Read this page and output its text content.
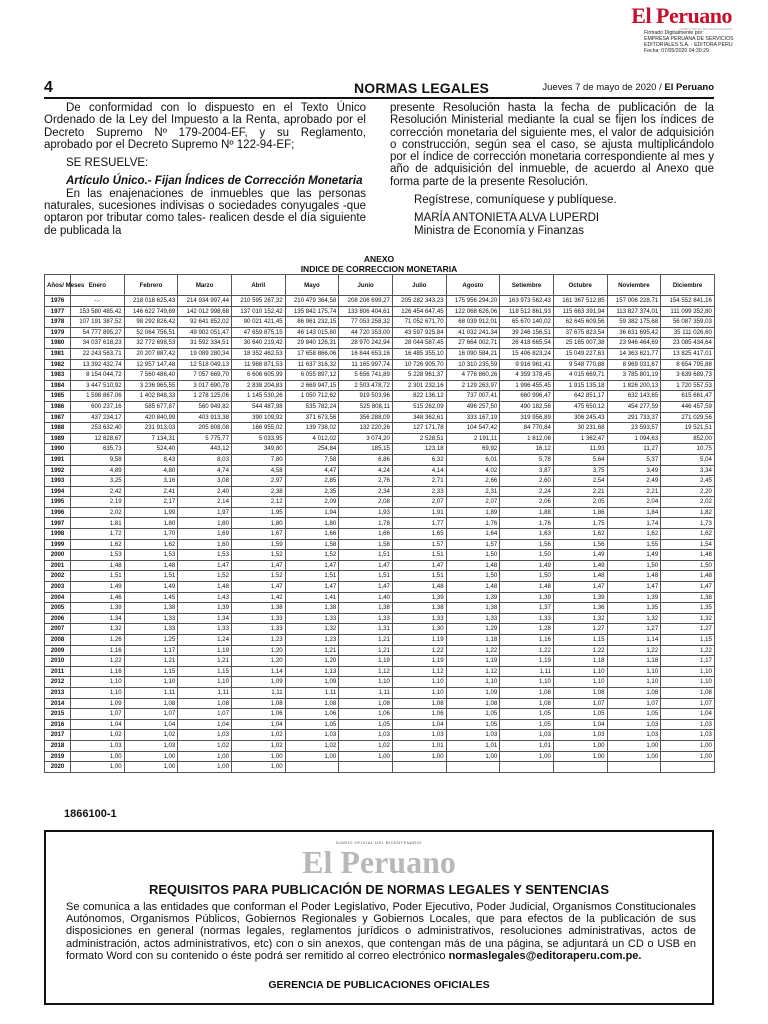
El Peruano
DIARIO OFICIAL DEL BICENTENARIO
Firmado Digitalmente por:
EMPRESA PERUANA DE SERVICIOS
EDITORIALES S.A. - EDITORA PERU
Fecha: 07/05/2020 04:30:29
4	NORMAS LEGALES	Jueves 7 de mayo de 2020 / El Peruano

De conformidad con lo dispuesto en el Texto Único Ordenado de la Ley del Impuesto a la Renta, aprobado por el Decreto Supremo Nº 179-2004-EF, y su Reglamento, aprobado por el Decreto Supremo Nº 122-94-EF;

SE RESUELVE:

Artículo Único.- Fijan Índices de Corrección Monetaria

En las enajenaciones de inmuebles que las personas naturales, sucesiones indivisas o sociedades conyugales -que optaron por tributar como tales- realicen desde el día siguiente de publicada la

presente Resolución hasta la fecha de publicación de la Resolución Ministerial mediante la cual se fijen los índices de corrección monetaria del siguiente mes, el valor de adquisición o construcción, según sea el caso, se ajusta multiplicándolo por el índice de corrección monetaria correspondiente al mes y año de adquisición del inmueble, de acuerdo al Anexo que forma parte de la presente Resolución.

Regístrese, comuníquese y publíquese.

MARÍA ANTONIETA ALVA LUPERDI

Ministra de Economía y Finanzas

ANEXO
INDICE DE CORRECCION MONETARIA
Años/ Meses	Enero	Febrero	Marzo	Abril	Mayo	Junio	Julio	Agosto	Setiembre	Octubre	Noviembre	Diciembre
1976	-.-	218 018 625,43	214 934 997,44	210 595 267,32	210 479 364,58	208 206 699,27	205 282 343,23	175 956 294,20	163 973 562,43	161 367 512,85	157 006 228,71	154 552 841,16
1977	153 580 485,42	146 622 749,69	142 012 998,68	137 010 152,42	135 842 175,74	133 806 404,61	126 454 647,45	122 068 626,06	118 512 861,93	115 663 391,94	113 827 374,01	111 099 352,80
1978	107 191 387,52	98 292 826,42	92 641 852,02	90 021 421,45	86 961 232,15	77 053 258,32	71 052 671,70	68 039 912,01	65 670 140,02	62 645 609,56	59 382 175,68	56 087 359,03
1979	54 777 895,27	52 064 756,51	49 902 051,47	47 659 875,15	46 143 015,80	44 720 353,00	43 597 925,84	41 032 241,34	39 246 156,51	37 675 823,54	36 631 695,42	35 111 026,60
1980	34 037 618,23	32 772 698,53	31 592 334,51	30 640 219,42	29 840 126,31	28 970 242,94	28 044 587,45	27 664 002,71	26 418 665,54	25 165 007,38	23 946 464,69	23 085 434,64
1981	22 243 563,71	20 207 887,42	19 089 280,34	18 352 462,53	17 658 866,06	16 844 653,16	16 485 355,10	16 090 584,21	15 406 823,24	15 049 227,63	14 363 621,77	13 825 417,01
1982	13 392 432,74	12 957 147,48	12 518 049,13	11 988 871,53	11 637 316,32	11 165 997,74	10 726 905,70	10 310 235,59	9 916 961,41	9 548 770,88	8 969 031,67	8 654 795,88
1983	8 154 044,72	7 560 486,40	7 057 669,70	6 606 605,99	6 055 897,12	5 656 741,89	5 228 961,37	4 776 860,26	4 359 378,45	4 015 669,71	3 785 801,19	3 639 689,73
1984	3 447 510,92	3 236 965,55	3 017 690,78	2 838 204,83	2 669 947,15	2 503 478,72	2 301 232,16	2 129 263,97	1 996 455,45	1 915 135,18	1 826 200,13	1 720 557,53
1985	1 598 867,06	1 402 848,33	1 278 125,06	1 145 530,26	1 050 712,62	919 503,96	822 136,12	737 007,41	660 996,47	642 851,17	632 143,65	615 661,47
1986	600 237,16	585 677,87	560 949,82	544 487,98	535 782,24	525 808,11	515 262,09	496 257,50	490 182,56	475 650,12	454 277,59	446 457,59
1987	437 234,17	420 840,99	403 913,38	390 109,92	371 673,56	356 288,09	348 362,61	333 167,19	319 956,89	306 245,43	291 733,37	271 029,56
1988	253 632,40	231 913,03	205 808,08	166 955,02	139 738,02	132 220,26	127 171,78	104 547,42	84 770,84	30 231,68	23 593,57	19 521,51
1989	12 828,67	7 134,31	5 775,77	5 033,95	4 012,02	3 074,20	2 528,51	2 191,11	1 812,06	1 362,47	1 094,63	852,00
1990	635,73	524,40	443,12	349,80	254,84	185,15	123,18	69,92	16,12	11,93	11,27	10,75
1991	9,58	8,43	8,03	7,80	7,58	6,86	6,32	6,01	5,78	5,64	5,37	5,04
1992	4,89	4,80	4,74	4,58	4,47	4,24	4,14	4,02	3,87	3,75	3,49	3,34
1993	3,25	3,16	3,08	2,97	2,85	2,76	2,71	2,66	2,60	2,54	2,49	2,45
1994	2,42	2,41	2,40	2,38	2,35	2,34	2,33	2,31	2,24	2,21	2,21	2,20
1995	2,19	2,17	2,14	2,12	2,09	2,08	2,07	2,07	2,06	2,05	2,04	2,02
1996	2,02	1,99	1,97	1,95	1,94	1,93	1,91	1,89	1,88	1,86	1,84	1,82
1997	1,81	1,80	1,80	1,80	1,80	1,78	1,77	1,76	1,76	1,75	1,74	1,73
1998	1,72	1,70	1,69	1,67	1,66	1,66	1,65	1,64	1,63	1,62	1,62	1,62
1999	1,62	1,62	1,60	1,59	1,58	1,58	1,57	1,57	1,56	1,56	1,55	1,54
2000	1,53	1,53	1,53	1,52	1,52	1,51	1,51	1,50	1,50	1,49	1,49	1,48
2001	1,48	1,48	1,47	1,47	1,47	1,47	1,47	1,48	1,49	1,49	1,50	1,50
2002	1,51	1,51	1,52	1,52	1,51	1,51	1,51	1,50	1,50	1,48	1,48	1,48
2003	1,49	1,49	1,48	1,47	1,47	1,47	1,48	1,48	1,48	1,47	1,47	1,47
2004	1,46	1,45	1,43	1,42	1,41	1,40	1,39	1,39	1,39	1,39	1,39	1,38
2005	1,39	1,38	1,39	1,38	1,38	1,38	1,38	1,38	1,37	1,36	1,35	1,35
2006	1,34	1,33	1,34	1,33	1,33	1,33	1,33	1,33	1,33	1,32	1,32	1,32
2007	1,32	1,33	1,33	1,33	1,32	1,31	1,30	1,29	1,28	1,27	1,27	1,27
2008	1,26	1,25	1,24	1,23	1,23	1,21	1,19	1,18	1,16	1,15	1,14	1,15
2009	1,16	1,17	1,19	1,20	1,21	1,21	1,22	1,22	1,22	1,22	1,22	1,22
2010	1,22	1,21	1,21	1,20	1,20	1,19	1,19	1,19	1,19	1,18	1,18	1,17
2011	1,16	1,15	1,15	1,14	1,13	1,12	1,12	1,12	1,11	1,10	1,10	1,10
2012	1,10	1,10	1,10	1,09	1,09	1,10	1,10	1,10	1,10	1,10	1,10	1,10
2013	1,10	1,11	1,11	1,11	1,11	1,11	1,10	1,09	1,08	1,08	1,08	1,08
2014	1,09	1,08	1,08	1,08	1,08	1,08	1,08	1,08	1,08	1,07	1,07	1,07
2015	1,07	1,07	1,07	1,06	1,06	1,06	1,06	1,05	1,05	1,05	1,05	1,04
2016	1,04	1,04	1,04	1,04	1,05	1,05	1,04	1,05	1,05	1,04	1,03	1,03
2017	1,02	1,02	1,03	1,02	1,03	1,03	1,03	1,03	1,03	1,03	1,03	1,03
2018	1,03	1,03	1,02	1,02	1,02	1,02	1,01	1,01	1,01	1,00	1,00	1,00
2019	1,00	1,00	1,00	1,00	1,00	1,00	1,00	1,00	1,00	1,00	1,00	1,00
2020	1,00	1,00	1,00	1,00								
1866100-1
DIARIO OFICIAL DEL BICENTENARIO
El Peruano
REQUISITOS PARA PUBLICACIÓN DE NORMAS LEGALES Y SENTENCIAS
Se comunica a las entidades que conforman el Poder Legislativo, Poder Ejecutivo, Poder Judicial, Organismos Constitucionales Autónomos, Organismos Públicos, Gobiernos Regionales y Gobiernos Locales, que para efectos de la publicación de sus disposiciones en general (normas legales, reglamentos jurídicos o administrativos, resoluciones administrativas, actos de administración, actos administrativos, etc) con o sin anexos, que contengan más de una página, se adjuntará un CD o USB en formato Word con su contenido o éste podrá ser remitido al correo electrónico normaslegales@editoraperu.com.pe.
GERENCIA DE PUBLICACIONES OFICIALES
